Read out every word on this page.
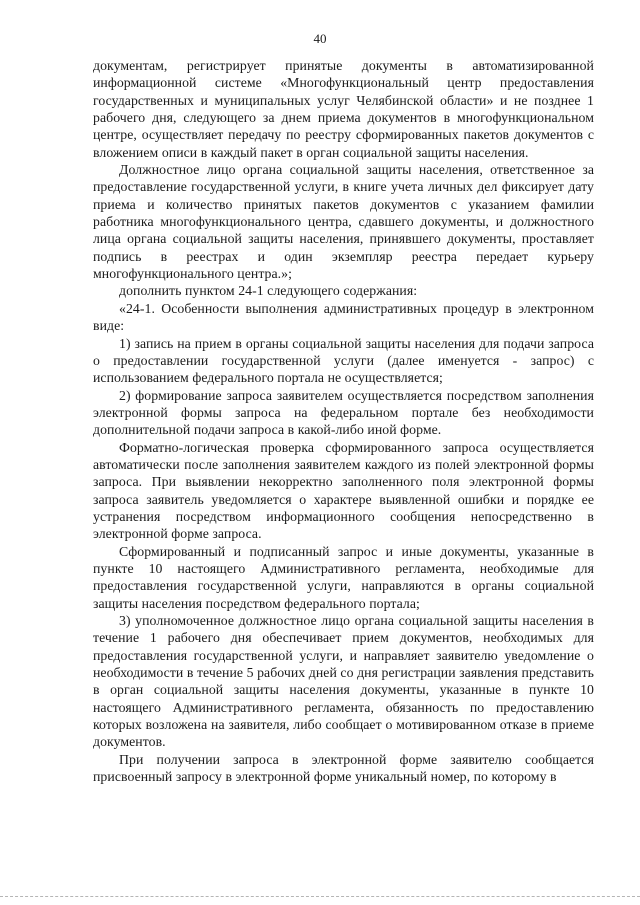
40

документам, регистрирует принятые документы в автоматизированной информационной системе «Многофункциональный центр предоставления государственных и муниципальных услуг Челябинской области» и не позднее 1 рабочего дня, следующего за днем приема документов в многофункциональном центре, осуществляет передачу по реестру сформированных пакетов документов с вложением описи в каждый пакет в орган социальной защиты населения.

Должностное лицо органа социальной защиты населения, ответственное за предоставление государственной услуги, в книге учета личных дел фиксирует дату приема и количество принятых пакетов документов с указанием фамилии работника многофункционального центра, сдавшего документы, и должностного лица органа социальной защиты населения, принявшего документы, проставляет подпись в реестрах и один экземпляр реестра передает курьеру многофункционального центра.»;

дополнить пунктом 24-1 следующего содержания:

«24-1. Особенности выполнения административных процедур в электронном виде:

1) запись на прием в органы социальной защиты населения для подачи запроса о предоставлении государственной услуги (далее именуется - запрос) с использованием федерального портала не осуществляется;

2) формирование запроса заявителем осуществляется посредством заполнения электронной формы запроса на федеральном портале без необходимости дополнительной подачи запроса в какой-либо иной форме.

Форматно-логическая проверка сформированного запроса осуществляется автоматически после заполнения заявителем каждого из полей электронной формы запроса. При выявлении некорректно заполненного поля электронной формы запроса заявитель уведомляется о характере выявленной ошибки и порядке ее устранения посредством информационного сообщения непосредственно в электронной форме запроса.

Сформированный и подписанный запрос и иные документы, указанные в пункте 10 настоящего Административного регламента, необходимые для предоставления государственной услуги, направляются в органы социальной защиты населения посредством федерального портала;

3) уполномоченное должностное лицо органа социальной защиты населения в течение 1 рабочего дня обеспечивает прием документов, необходимых для предоставления государственной услуги, и направляет заявителю уведомление о необходимости в течение 5 рабочих дней со дня регистрации заявления представить в орган социальной защиты населения документы, указанные в пункте 10 настоящего Административного регламента, обязанность по предоставлению которых возложена на заявителя, либо сообщает о мотивированном отказе в приеме документов.

При получении запроса в электронной форме заявителю сообщается присвоенный запросу в электронной форме уникальный номер, по которому в
